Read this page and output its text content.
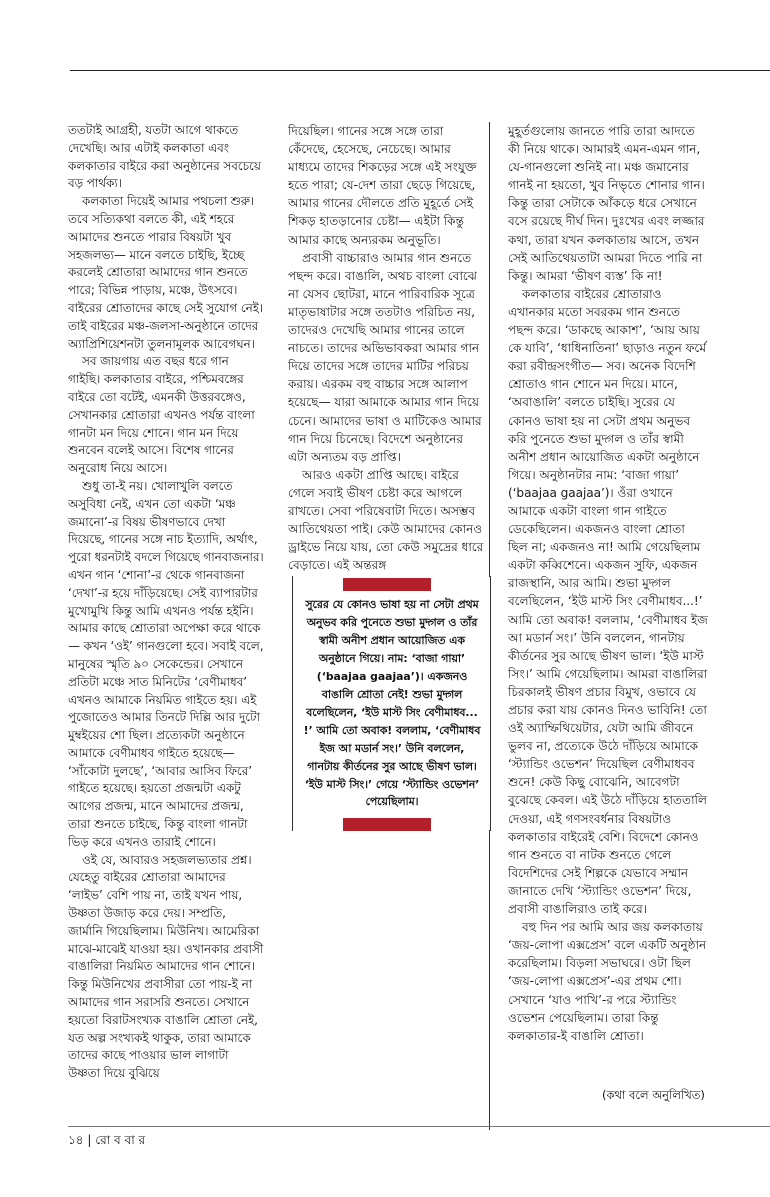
ততটাই আগ্রহী, যতটা আগে থাকতে দেখেছি। আর এটাই কলকাতা এবং কলকাতার বাইরে করা অনুষ্ঠানের সবচেয়ে বড় পার্থক্য।

কলকাতা দিয়েই আমার পথচলা শুরু। তবে সত্যিকথা বলতে কী, এই শহরে আমাদের শুনতে পারার বিষয়টা খুব সহজলভ্য— মানে বলতে চাইছি, ইচ্ছে করলেই শ্রোতারা আমাদের গান শুনতে পারে; বিভিন্ন পাড়ায়, মঞ্চে, উৎসবে। বাইরের শ্রোতাদের কাছে সেই সুযোগ নেই। তাই বাইরের মঞ্চ-জলসা-অনুষ্ঠানে তাদের অ্যাপ্রিশিয়েশনটা তুলনামূলক আবেগঘন।

সব জায়গায় এত বছর ধরে গান গাইছি। কলকাতার বাইরে, পশ্চিমবঙ্গের বাইরে তো বটেই, এমনকী উত্তরবঙ্গেও, সেখানকার শ্রোতারা এখনও পর্যন্ত বাংলা গানটা মন দিয়ে শোনে। গান মন দিয়ে শুনবেন বলেই আসে। বিশেষ গানের অনুরোধ নিয়ে আসে।

শুধু তা-ই নয়। খোলাখুলি বলতে অসুবিধা নেই, এখন তো একটা ‘মঞ্চ জমানো’-র বিষয় ভীষণভাবে দেখা দিয়েছে, গানের সঙ্গে নাচ ইত্যাদি, অর্থাৎ, পুরো ধরনটাই বদলে গিয়েছে গানবাজনার। এখন গান ‘শোনা’-র থেকে গানবাজনা ‘দেখা’-র হয়ে দাঁড়িয়েছে। সেই ব্যাপারটার মুখোমুখি কিন্তু আমি এখনও পর্যন্ত হইনি। আমার কাছে শ্রোতারা অপেক্ষা করে থাকে— কখন ‘ওই’ গানগুলো হবে। সবাই বলে, মানুষের স্মৃতি ৯০ সেকেন্ডের। সেখানে প্রতিটা মঞ্চে সাত মিনিটের ‘বেণীমাধব’ এখনও আমাকে নিয়মিত গাইতে হয়। এই পুজোতেও আমার তিনটে দিল্লি আর দুটো মুম্বইয়ের শো ছিল। প্রত্যেকটা অনুষ্ঠানে আমাকে বেণীমাধব গাইতে হয়েছে— ‘সাঁকোটা দুলছে’, ‘আবার আসিব ফিরে’ গাইতে হয়েছে। হয়তো প্রজন্মটা একটু আগের প্রজন্ম, মানে আমাদের প্রজন্ম, তারা শুনতে চাইছে, কিন্তু বাংলা গানটা ভিড় করে এখনও তারাই শোনে।

ওই যে, আবারও সহজলভ্যতার প্রশ্ন। যেহেতু বাইরের শ্রোতারা আমাদের ‘লাইভ’ বেশি পায় না, তাই যখন পায়, উষ্ণতা উজাড় করে দেয়। সম্প্রতি, জার্মানি গিয়েছিলাম। মিউনিখ। আমেরিকা মাঝে-মাঝেই যাওয়া হয়। ওখানকার প্রবাসী বাঙালিরা নিয়মিত আমাদের গান শোনে। কিন্তু মিউনিখের প্রবাসীরা তো পায়-ই না আমাদের গান সরাসরি শুনতে। সেখানে হয়তো বিরাটসংখ্যক বাঙালি শ্রোতা নেই, যত অল্প সংখ্যকই থাকুক, তারা আমাকে তাদের কাছে পাওয়ার ভাল লাগাটা উষ্ণতা দিয়ে বুঝিয়ে

দিয়েছিল। গানের সঙ্গে সঙ্গে তারা কেঁদেছে, হেসেছে, নেচেছে। আমার মাধ্যমে তাদের শিকড়ের সঙ্গে এই সংযুক্ত হতে পারা; যে-দেশ তারা ছেড়ে গিয়েছে, আমার গানের দৌলতে প্রতি মুহূর্তে সেই শিকড় হাতড়ানোর চেষ্টা— এইটা কিন্তু আমার কাছে অন্যরকম অনুভূতি।

প্রবাসী বাচ্চারাও আমার গান শুনতে পছন্দ করে। বাঙালি, অথচ বাংলা বোঝে না যেসব ছোটরা, মানে পারিবারিক সূত্রে মাতৃভাষাটার সঙ্গে ততটাও পরিচিত নয়, তাদেরও দেখেছি আমার গানের তালে নাচতে। তাদের অভিভাবকরা আমার গান দিয়ে তাদের সঙ্গে তাদের মাটির পরিচয় করায়। এরকম বহু বাচ্চার সঙ্গে আলাপ হয়েছে— যারা আমাকে আমার গান দিয়ে চেনে। আমাদের ভাষা ও মাটিকেও আমার গান দিয়ে চিনেছে। বিদেশে অনুষ্ঠানের এটা অন্যতম বড় প্রাপ্তি।

আরও একটা প্রাপ্তি আছে। বাইরে গেলে সবাই ভীষণ চেষ্টা করে আগলে রাখতে। সেবা পরিষেবাটা দিতে। অসম্ভব আতিথেয়তা পাই। কেউ আমাদের কোনও ড্রাইভে নিয়ে যায়, তো কেউ সমুদ্রের ধারে বেড়াতে। এই অন্তরঙ্গ

মুহূর্তগুলোয় জানতে পারি তারা আদতে কী নিয়ে থাকে। আমারই এমন-এমন গান, যে-গানগুলো শুনিই না। মঞ্চ জমানোর গানই না হয়তো, খুব নিভৃতে শোনার গান। কিন্তু তারা সেটাকে আঁকড়ে ধরে সেখানে বসে রয়েছে দীর্ঘ দিন। দুঃখের এবং লজ্জার কথা, তারা যখন কলকাতায় আসে, তখন সেই আতিথেয়তাটা আমরা দিতে পারি না কিন্তু। আমরা ‘ভীষণ ব্যস্ত’ কি না!

কলকাতার বাইরের শ্রোতারাও এখানকার মতো সবরকম গান শুনতে পছন্দ করে। ‘ডাকছে আকাশ’, ‘আয় আয় কে যাবি’, ‘ধাধিনাতিনা’ ছাড়াও নতুন ফর্মে করা রবীন্দ্রসংগীত— সব। অনেক বিদেশি শ্রোতাও গান শোনে মন দিয়ে। মানে, ‘অবাঙালি’ বলতে চাইছি। সুরের যে কোনও ভাষা হয় না সেটা প্রথম অনুভব করি পুনেতে শুভা মুদ্গল ও তাঁর স্বামী অনীশ প্রধান আয়োজিত একটা অনুষ্ঠানে গিয়ে। অনুষ্ঠানটার নাম: ‘বাজা গায়া’ (‘baajaa gaajaa’)। ওঁরা ওখানে আমাকে একটা বাংলা গান গাইতে ডেকেছিলেন। একজনও বাংলা শ্রোতা ছিল না; একজনও না! আমি গেয়েছিলাম একটা কব্বিশেনে। একজন সুফি, একজন রাজস্থানি, আর আমি। শুভা মুদ্গল বলেছিলেন, ‘ইউ মাস্ট সিং বেণীমাধব...!’ আমি তো অবাক! বললাম, ‘বেণীমাধব ইজ আ মডার্ন সং।’ উনি বললেন, গানটায় কীর্তনের সুর আছে ভীষণ ভাল। ‘ইউ মাস্ট সিং।’ আমি গেয়েছিলাম। আমরা বাঙালিরা চিরকালই ভীষণ প্রচার বিমুখ, ওভাবে যে প্রচার করা যায় কোনও দিনও ভাবিনি! তো ওই অ্যাম্ফিথিয়েটার, যেটা আমি জীবনে ভুলব না, প্রত্যেকে উঠে দাঁড়িয়ে আমাকে ‘স্ট্যান্ডিং ওভেশন’ দিয়েছিল বেণীমাধবব শুনে! কেউ কিছু বোঝেনি, আবেগটা বুঝেছে কেবল। এই উঠে দাঁড়িয়ে হাততালি দেওয়া, এই গণসংবর্ধনার বিষয়টাও কলকাতার বাইরেই বেশি। বিদেশে কোনও গান শুনতে বা নাটক শুনতে গেলে বিদেশিদের সেই শিল্পকে যেভাবে সম্মান জানাতে দেখি ‘স্ট্যান্ডিং ওভেশন’ দিয়ে, প্রবাসী বাঙালিরাও তাই করে।

বহু দিন পর আমি আর জয় কলকাতায় ‘জয়-লোপা এক্সপ্রেস’ বলে একটি অনুষ্ঠান করেছিলাম। বিড়লা সভাঘরে। ওটা ছিল ‘জয়-লোপা এক্সপ্রেস’-এর প্রথম শো। সেখানে ‘যাও পাখি’-র পরে স্ট্যান্ডিং ওভেশন পেয়েছিলাম। তারা কিন্তু কলকাতার-ই বাঙালি শ্রোতা।

সুরের যে কোনও ভাষা হয় না সেটা প্রথম অনুভব করি পুনেতে শুভা মুদ্গল ও তাঁর স্বামী অনীশ প্রধান আয়োজিত এক অনুষ্ঠানে গিয়ে। নাম: ‘বাজা গায়া’ (‘baajaa gaajaa’)। একজনও বাঙালি শ্রোতা নেই! শুভা মুদ্গল বলেছিলেন, ‘ইউ মাস্ট সিং বেণীমাধব... !’ আমি তো অবাক! বললাম, ‘বেণীমাধব ইজ আ মডার্ন সং।’ উনি বললেন, গানটায় কীর্তনের সুর আছে ভীষণ ভাল। ‘ইউ মাস্ট সিং।’ গেয়ে ‘স্ট্যান্ডিং ওভেশন’ পেয়েছিলাম।
(কথা বলে অনুলিখিত)
১৪ | রো ব বা র
